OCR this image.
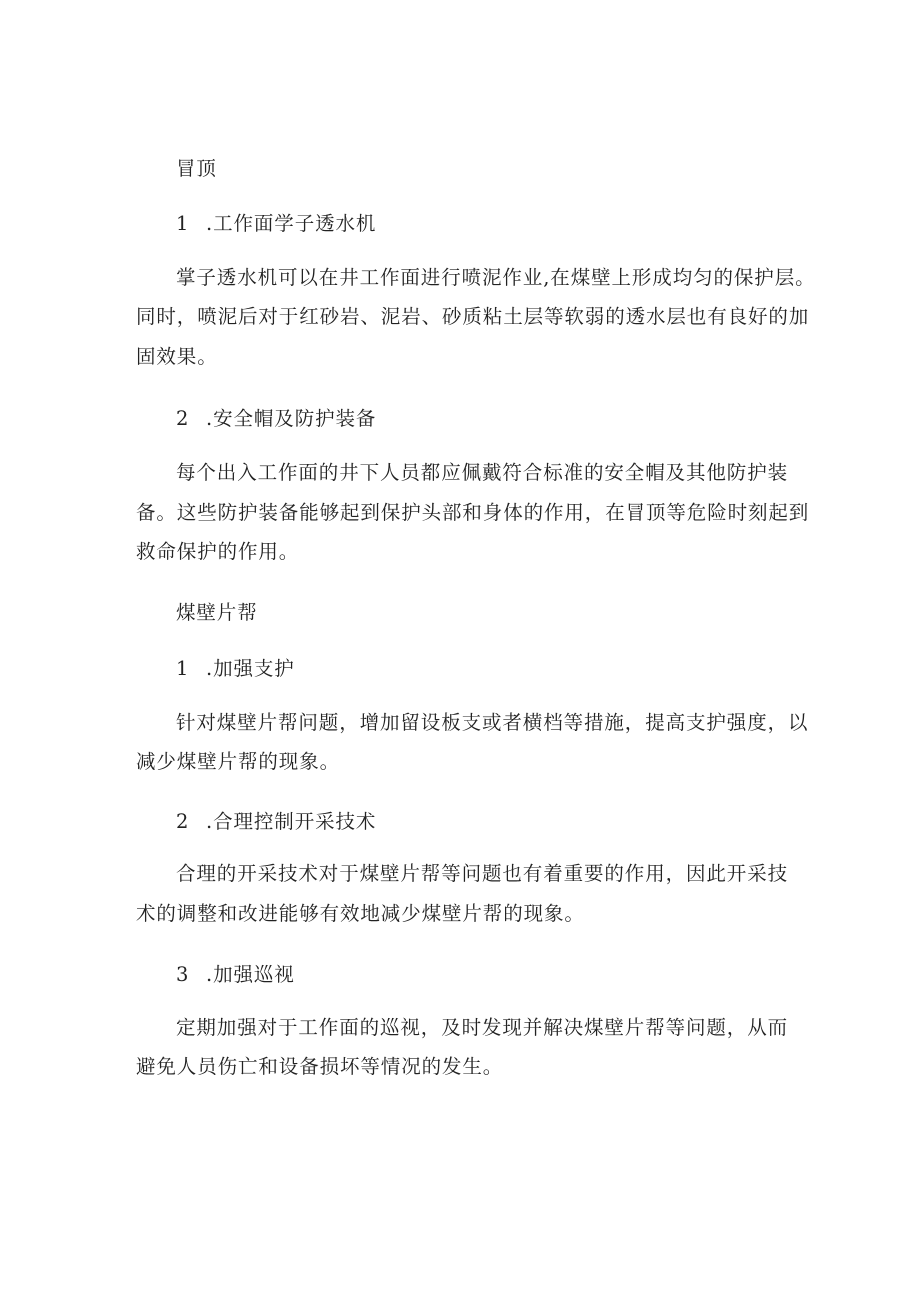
冒顶
1 .工作面学子透水机
掌子透水机可以在井工作面进行喷泥作业,在煤壁上形成均匀的保护层。
同时，喷泥后对于红砂岩、泥岩、砂质粘土层等软弱的透水层也有良好的加
固效果。
2 .安全帽及防护装备
每个出入工作面的井下人员都应佩戴符合标准的安全帽及其他防护装
备。这些防护装备能够起到保护头部和身体的作用，在冒顶等危险时刻起到
救命保护的作用。
煤壁片帮
1 .加强支护
针对煤壁片帮问题，增加留设板支或者横档等措施，提高支护强度，以
减少煤壁片帮的现象。
2 .合理控制开采技术
合理的开采技术对于煤壁片帮等问题也有着重要的作用，因此开采技
术的调整和改进能够有效地减少煤壁片帮的现象。
3 .加强巡视
定期加强对于工作面的巡视，及时发现并解决煤壁片帮等问题，从而
避免人员伤亡和设备损坏等情况的发生。
